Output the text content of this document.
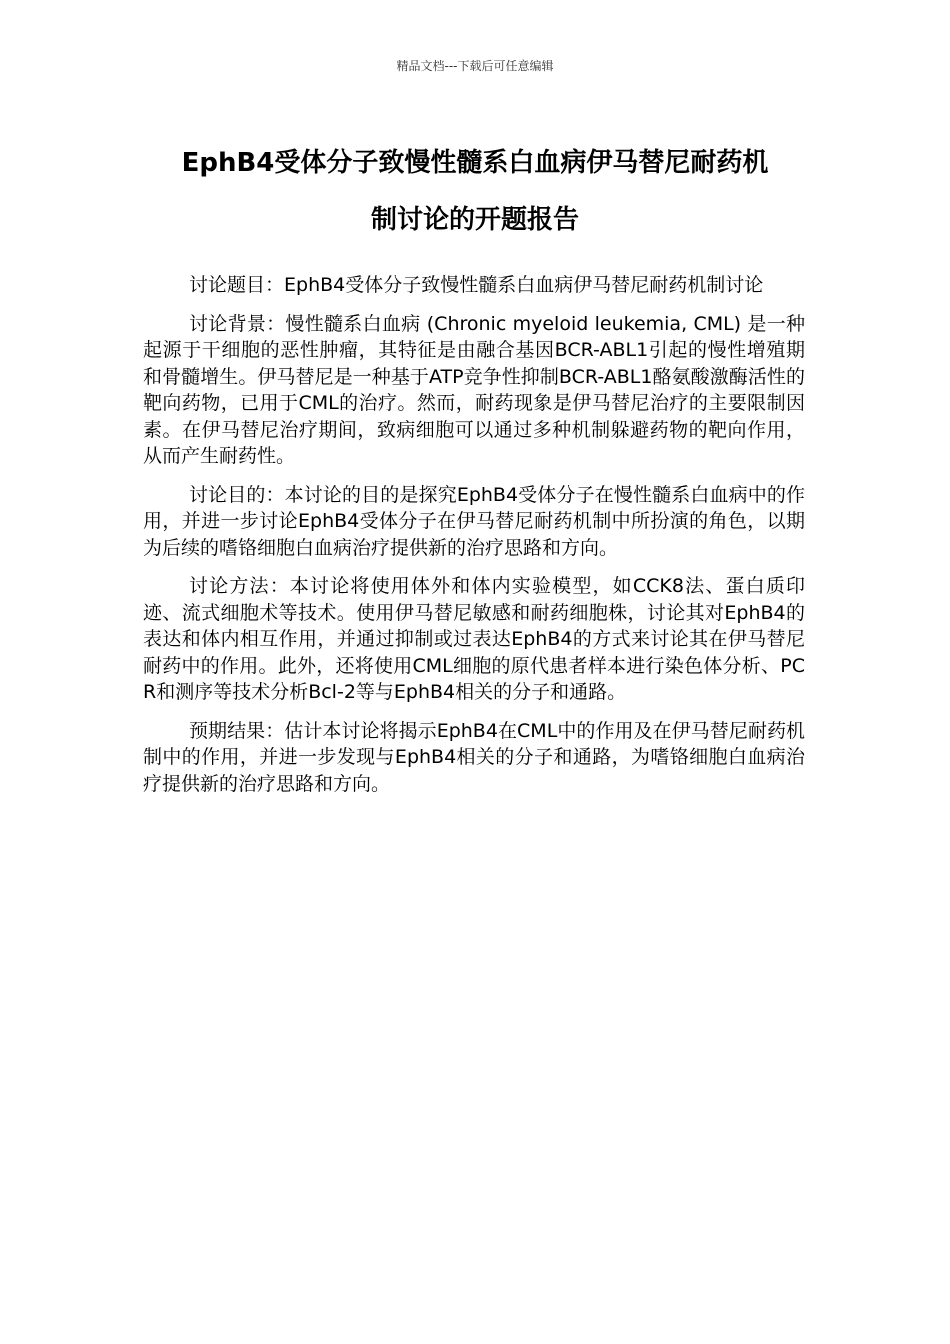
精品文档---下载后可任意编辑
EphB4受体分子致慢性髓系白血病伊马替尼耐药机
制讨论的开题报告

讨论题目：EphB4受体分子致慢性髓系白血病伊马替尼耐药机制讨论

讨论背景：慢性髓系白血病 (Chronic myeloid leukemia, CML) 是一种起源于干细胞的恶性肿瘤，其特征是由融合基因BCR-ABL1引起的慢性增殖期和骨髓增生。伊马替尼是一种基于ATP竞争性抑制BCR-ABL1酪氨酸激酶活性的靶向药物，已用于CML的治疗。然而，耐药现象是伊马替尼治疗的主要限制因素。在伊马替尼治疗期间，致病细胞可以通过多种机制躲避药物的靶向作用，从而产生耐药性。

讨论目的：本讨论的目的是探究EphB4受体分子在慢性髓系白血病中的作用，并进一步讨论EphB4受体分子在伊马替尼耐药机制中所扮演的角色，以期为后续的嗜铬细胞白血病治疗提供新的治疗思路和方向。

讨论方法：本讨论将使用体外和体内实验模型，如CCK8法、蛋白质印迹、流式细胞术等技术。使用伊马替尼敏感和耐药细胞株，讨论其对EphB4的表达和体内相互作用，并通过抑制或过表达EphB4的方式来讨论其在伊马替尼耐药中的作用。此外，还将使用CML细胞的原代患者样本进行染色体分析、PCR和测序等技术分析Bcl-2等与EphB4相关的分子和通路。

预期结果：估计本讨论将揭示EphB4在CML中的作用及在伊马替尼耐药机制中的作用，并进一步发现与EphB4相关的分子和通路，为嗜铬细胞白血病治疗提供新的治疗思路和方向。
